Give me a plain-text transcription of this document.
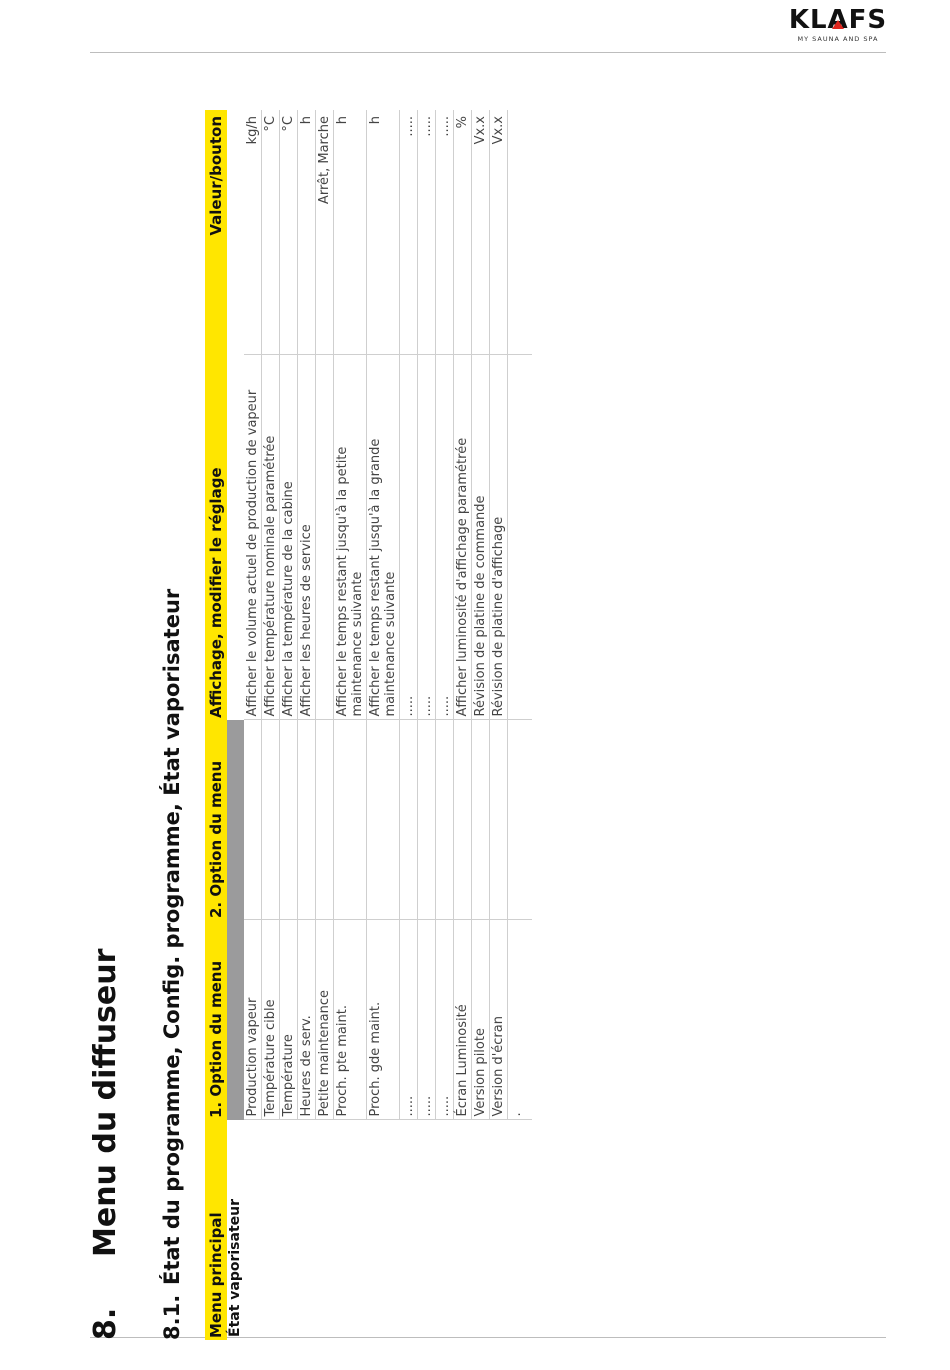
KLAFS
MY SAUNA AND SPA
8.Menu du diffuseur
8.1.État du programme, Config. programme, État vaporisateur Menu principal	1. Option du menu	2. Option du menu	Affichage, modifier le réglage	Valeur/bouton
État vaporisateur				
	Production vapeur		Afficher le volume actuel de production de vapeur	kg/h
	Température cible		Afficher température nominale paramétrée	°C
	Température		Afficher la température de la cabine	°C
	Heures de serv.		Afficher les heures de service	h
	Petite maintenance			Arrêt, Marche
	Proch. pte maint.		Afficher le temps restant jusqu'à la petite maintenance suivante	h
	Proch. gde maint.		Afficher le temps restant jusqu'à la grande maintenance suivante	h
	.....		.....	.....
	.....		.....	.....
	.....		.....	.....
	Écran Luminosité		Afficher luminosité d'affichage paramétrée	%
	Version pilote		Révision de platine de commande	Vx.x
	Version d'écran		Révision de platine d'affichage	Vx.x
	.			
